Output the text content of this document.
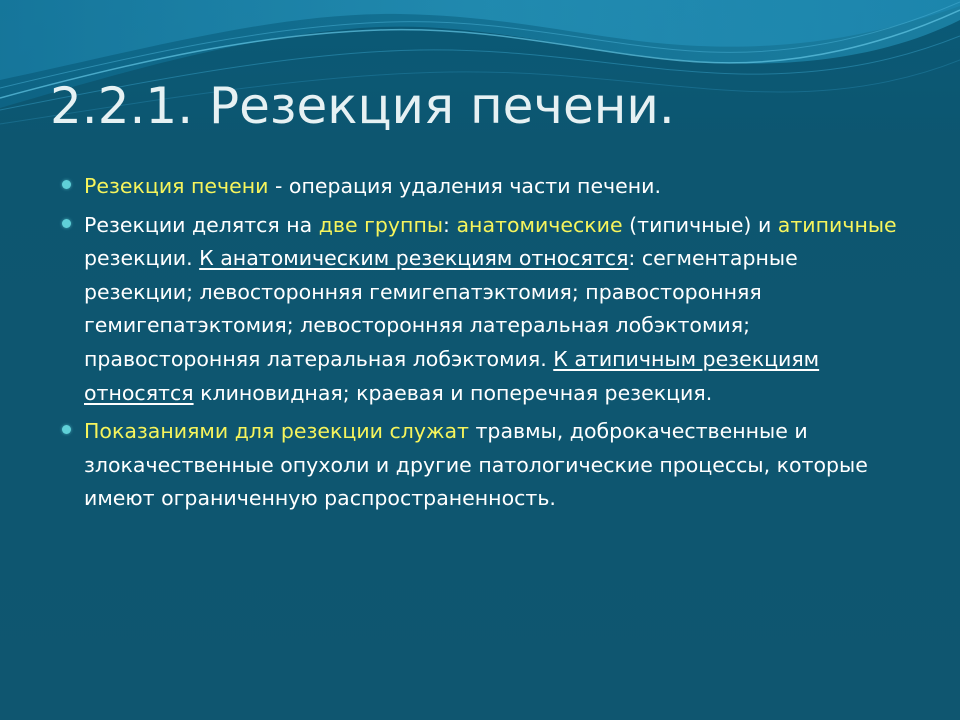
2.2.1. Резекция печени.
Резекция печени - операция удаления части печени.
Резекции делятся на две группы: анатомические (типичные) и атипичные резекции. К анатомическим резекциям относятся: сегментарные резекции; левосторонняя гемигепатэктомия; правосторонняя гемигепатэктомия; левосторонняя латеральная лобэктомия; правосторонняя латеральная лобэктомия. К атипичным резекциям относятся клиновидная; краевая и поперечная резекция.
Показаниями для резекции служат травмы, доброкачественные и злокачественные опухоли и другие патологические процессы, которые имеют ограниченную распространенность.
